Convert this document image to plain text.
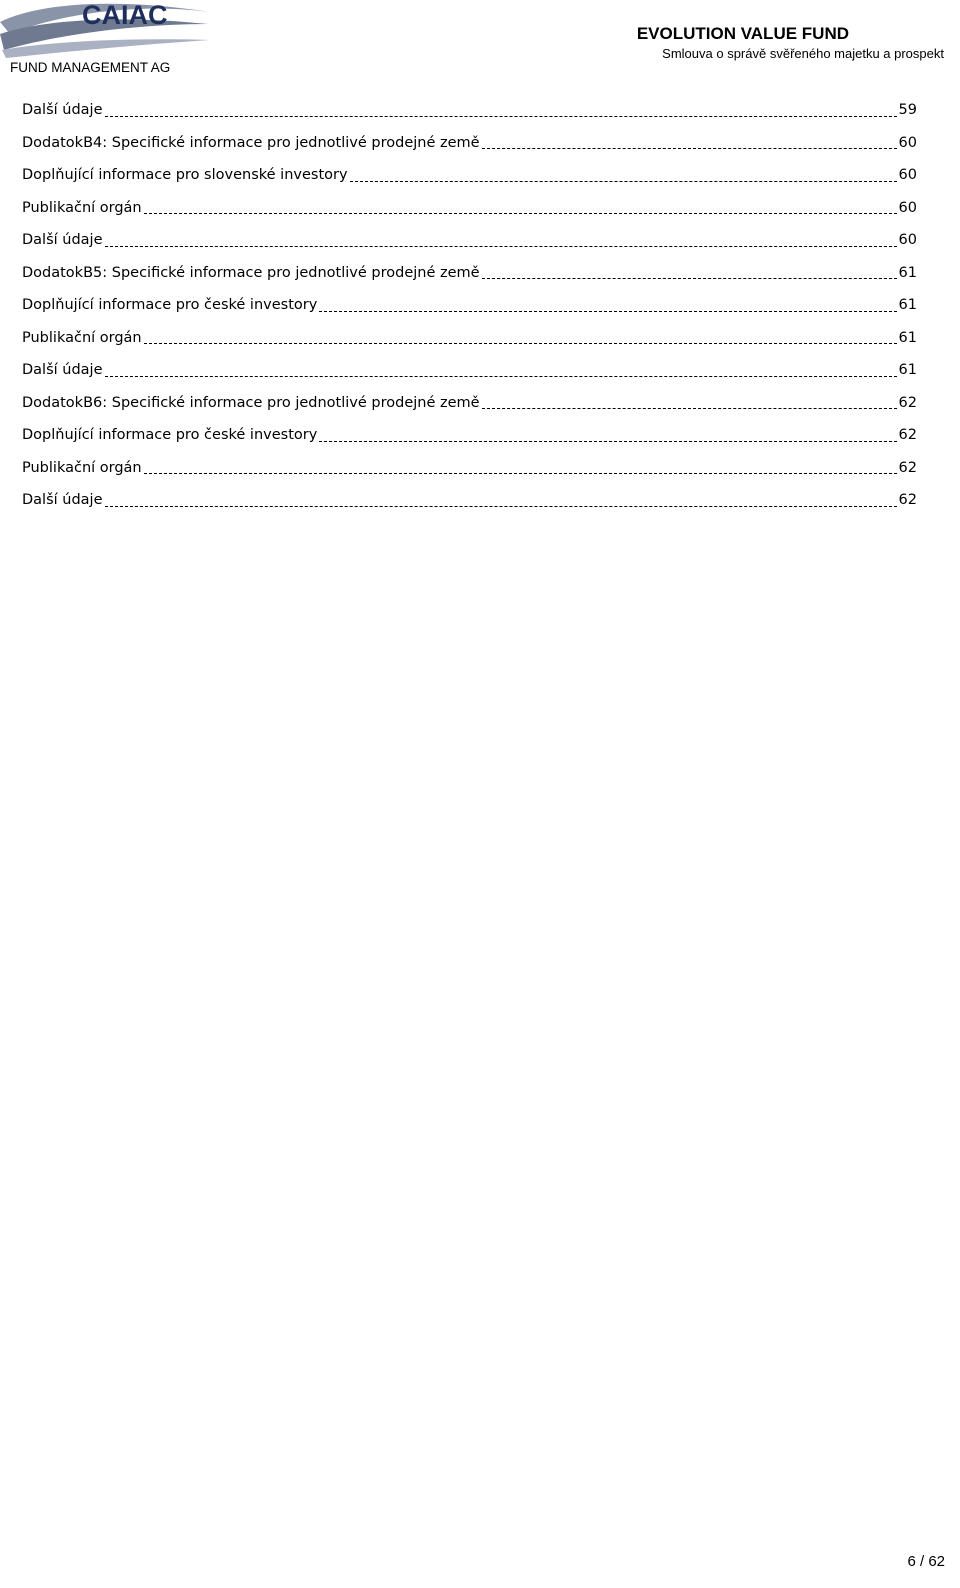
CAIAC
FUND MANAGEMENT AG
EVOLUTION VALUE FUND
Smlouva o správě svěřeného majetku a prospekt
Další údaje	59
DodatokB4: Specifické informace pro jednotlivé prodejné země	60
Doplňující informace pro slovenské investory	60
Publikační orgán	60
Další údaje	60
DodatokB5: Specifické informace pro jednotlivé prodejné země	61
Doplňující informace pro české investory	61
Publikační orgán	61
Další údaje	61
DodatokB6: Specifické informace pro jednotlivé prodejné země	62
Doplňující informace pro české investory	62
Publikační orgán	62
Další údaje	62
6 / 62
